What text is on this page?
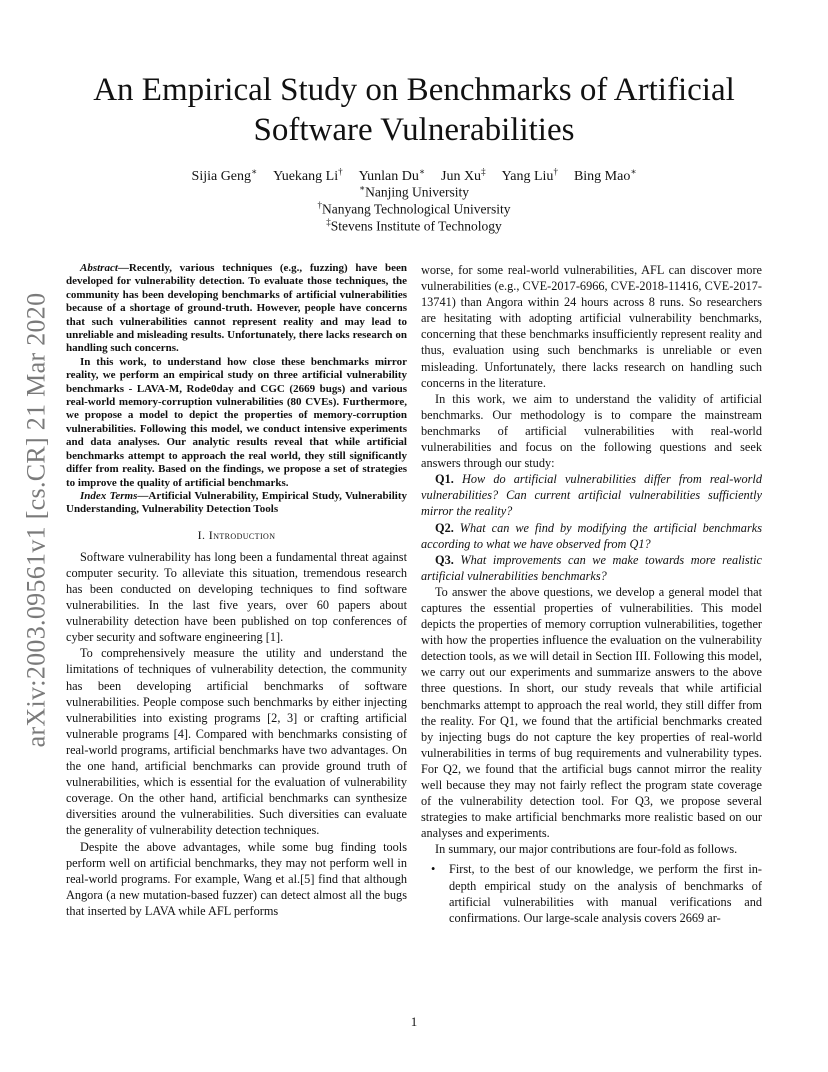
arXiv:2003.09561v1 [cs.CR] 21 Mar 2020
An Empirical Study on Benchmarks of Artificial Software Vulnerabilities
Sijia Geng∗ Yuekang Li† Yunlan Du∗ Jun Xu‡ Yang Liu† Bing Mao∗
∗Nanjing University
†Nanyang Technological University
‡Stevens Institute of Technology

Abstract—Recently, various techniques (e.g., fuzzing) have been developed for vulnerability detection. To evaluate those techniques, the community has been developing benchmarks of artificial vulnerabilities because of a shortage of ground-truth. However, people have concerns that such vulnerabilities cannot represent reality and may lead to unreliable and misleading results. Unfortunately, there lacks research on handling such concerns.

In this work, to understand how close these benchmarks mirror reality, we perform an empirical study on three artificial vulnerability benchmarks - LAVA-M, Rode0day and CGC (2669 bugs) and various real-world memory-corruption vulnerabilities (80 CVEs). Furthermore, we propose a model to depict the properties of memory-corruption vulnerabilities. Following this model, we conduct intensive experiments and data analyses. Our analytic results reveal that while artificial benchmarks attempt to approach the real world, they still significantly differ from reality. Based on the findings, we propose a set of strategies to improve the quality of artificial benchmarks.

Index Terms—Artificial Vulnerability, Empirical Study, Vulnerability Understanding, Vulnerability Detection Tools

I. Introduction

Software vulnerability has long been a fundamental threat against computer security. To alleviate this situation, tremendous research has been conducted on developing techniques to find software vulnerabilities. In the last five years, over 60 papers about vulnerability detection have been published on top conferences of cyber security and software engineering [1].

To comprehensively measure the utility and understand the limitations of techniques of vulnerability detection, the community has been developing artificial benchmarks of software vulnerabilities. People compose such benchmarks by either injecting vulnerabilities into existing programs [2, 3] or crafting artificial vulnerable programs [4]. Compared with benchmarks consisting of real-world programs, artificial benchmarks have two advantages. On the one hand, artificial benchmarks can provide ground truth of vulnerabilities, which is essential for the evaluation of vulnerability coverage. On the other hand, artificial benchmarks can synthesize diversities around the vulnerabilities. Such diversities can evaluate the generality of vulnerability detection techniques.

Despite the above advantages, while some bug finding tools perform well on artificial benchmarks, they may not perform well in real-world programs. For example, Wang et al.[5] find that although Angora (a new mutation-based fuzzer) can detect almost all the bugs that inserted by LAVA while AFL performs

worse, for some real-world vulnerabilities, AFL can discover more vulnerabilities (e.g., CVE-2017-6966, CVE-2018-11416, CVE-2017-13741) than Angora within 24 hours across 8 runs. So researchers are hesitating with adopting artificial vulnerability benchmarks, concerning that these benchmarks insufficiently represent reality and thus, evaluation using such benchmarks is unreliable or even misleading. Unfortunately, there lacks research on handling such concerns in the literature.

In this work, we aim to understand the validity of artificial benchmarks. Our methodology is to compare the mainstream benchmarks of artificial vulnerabilities with real-world vulnerabilities and focus on the following questions and seek answers through our study:

Q1. How do artificial vulnerabilities differ from real-world vulnerabilities? Can current artificial vulnerabilities sufficiently mirror the reality?

Q2. What can we find by modifying the artificial benchmarks according to what we have observed from Q1?

Q3. What improvements can we make towards more realistic artificial vulnerabilities benchmarks?

To answer the above questions, we develop a general model that captures the essential properties of vulnerabilities. This model depicts the properties of memory corruption vulnerabilities, together with how the properties influence the evaluation on the vulnerability detection tools, as we will detail in Section III. Following this model, we carry out our experiments and summarize answers to the above three questions. In short, our study reveals that while artificial benchmarks attempt to approach the real world, they still differ from the reality. For Q1, we found that the artificial benchmarks created by injecting bugs do not capture the key properties of real-world vulnerabilities in terms of bug requirements and vulnerability types. For Q2, we found that the artificial bugs cannot mirror the reality well because they may not fairly reflect the program state coverage of the vulnerability detection tool. For Q3, we propose several strategies to make artificial benchmarks more realistic based on our analyses and experiments.

In summary, our major contributions are four-fold as follows.

• First, to the best of our knowledge, we perform the first in-depth empirical study on the analysis of benchmarks of artificial vulnerabilities with manual verifications and confirmations. Our large-scale analysis covers 2669 ar-
1
